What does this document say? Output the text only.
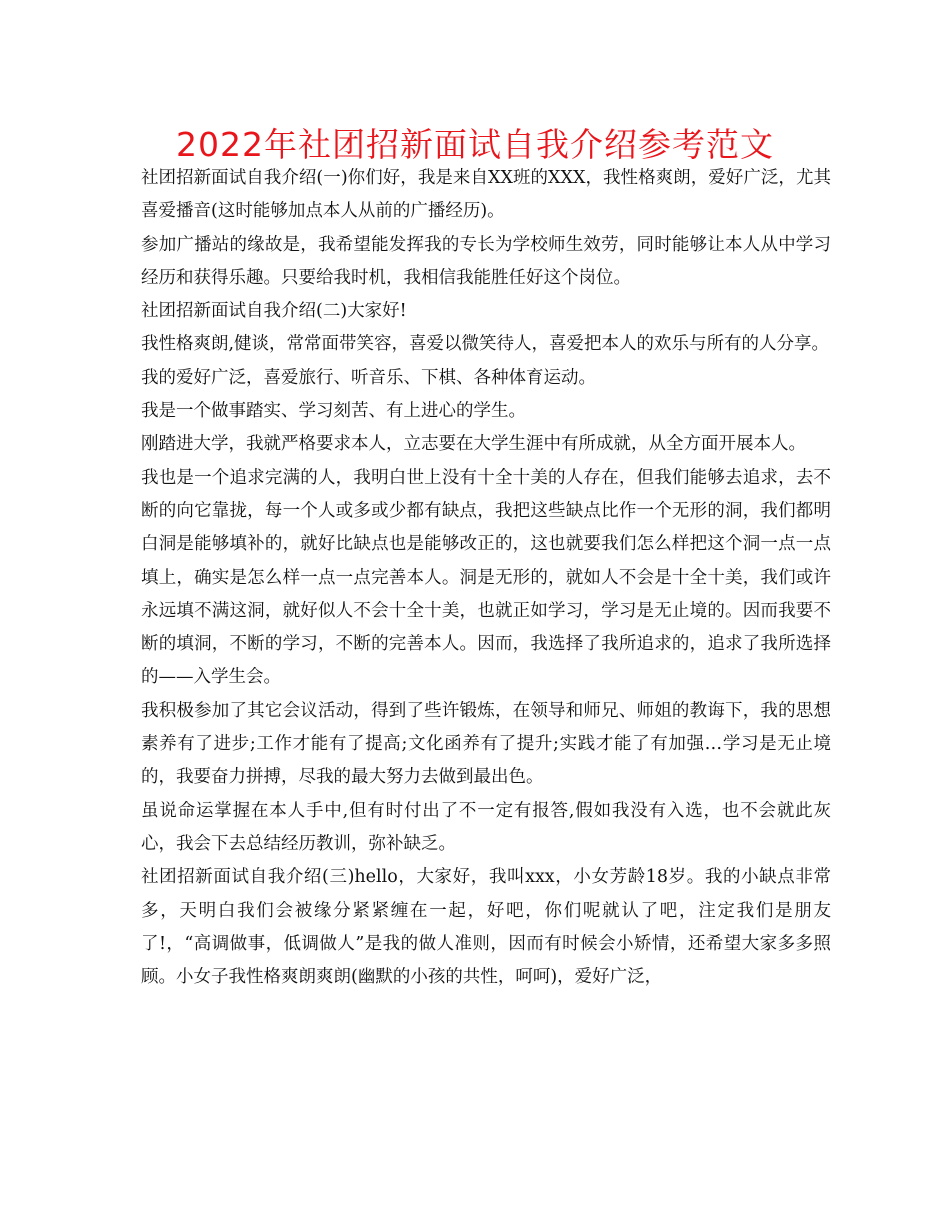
2022年社团招新面试自我介绍参考范文

社团招新面试自我介绍(一)你们好，我是来自XX班的XXX，我性格爽朗，爱好广泛，尤其喜爱播音(这时能够加点本人从前的广播经历)。

参加广播站的缘故是，我希望能发挥我的专长为学校师生效劳，同时能够让本人从中学习经历和获得乐趣。只要给我时机，我相信我能胜任好这个岗位。

社团招新面试自我介绍(二)大家好!

我性格爽朗,健谈，常常面带笑容，喜爱以微笑待人，喜爱把本人的欢乐与所有的人分享。

我的爱好广泛，喜爱旅行、听音乐、下棋、各种体育运动。

我是一个做事踏实、学习刻苦、有上进心的学生。

刚踏进大学，我就严格要求本人，立志要在大学生涯中有所成就，从全方面开展本人。

我也是一个追求完满的人，我明白世上没有十全十美的人存在，但我们能够去追求，去不断的向它靠拢，每一个人或多或少都有缺点，我把这些缺点比作一个无形的洞，我们都明白洞是能够填补的，就好比缺点也是能够改正的，这也就要我们怎么样把这个洞一点一点填上，确实是怎么样一点一点完善本人。洞是无形的，就如人不会是十全十美，我们或许永远填不满这洞，就好似人不会十全十美，也就正如学习，学习是无止境的。因而我要不断的填洞，不断的学习，不断的完善本人。因而，我选择了我所追求的，追求了我所选择的——入学生会。

我积极参加了其它会议活动，得到了些许锻炼，在领导和师兄、师姐的教诲下，我的思想素养有了进步;工作才能有了提高;文化函养有了提升;实践才能了有加强…学习是无止境的，我要奋力拼搏，尽我的最大努力去做到最出色。

虽说命运掌握在本人手中,但有时付出了不一定有报答,假如我没有入选，也不会就此灰心，我会下去总结经历教训，弥补缺乏。

社团招新面试自我介绍(三)hello，大家好，我叫xxx，小女芳龄18岁。我的小缺点非常多，天明白我们会被缘分紧紧缠在一起，好吧，你们呢就认了吧，注定我们是朋友了!，“高调做事，低调做人”是我的做人准则，因而有时候会小矫情，还希望大家多多照顾。小女子我性格爽朗爽朗(幽默的小孩的共性，呵呵)，爱好广泛，
